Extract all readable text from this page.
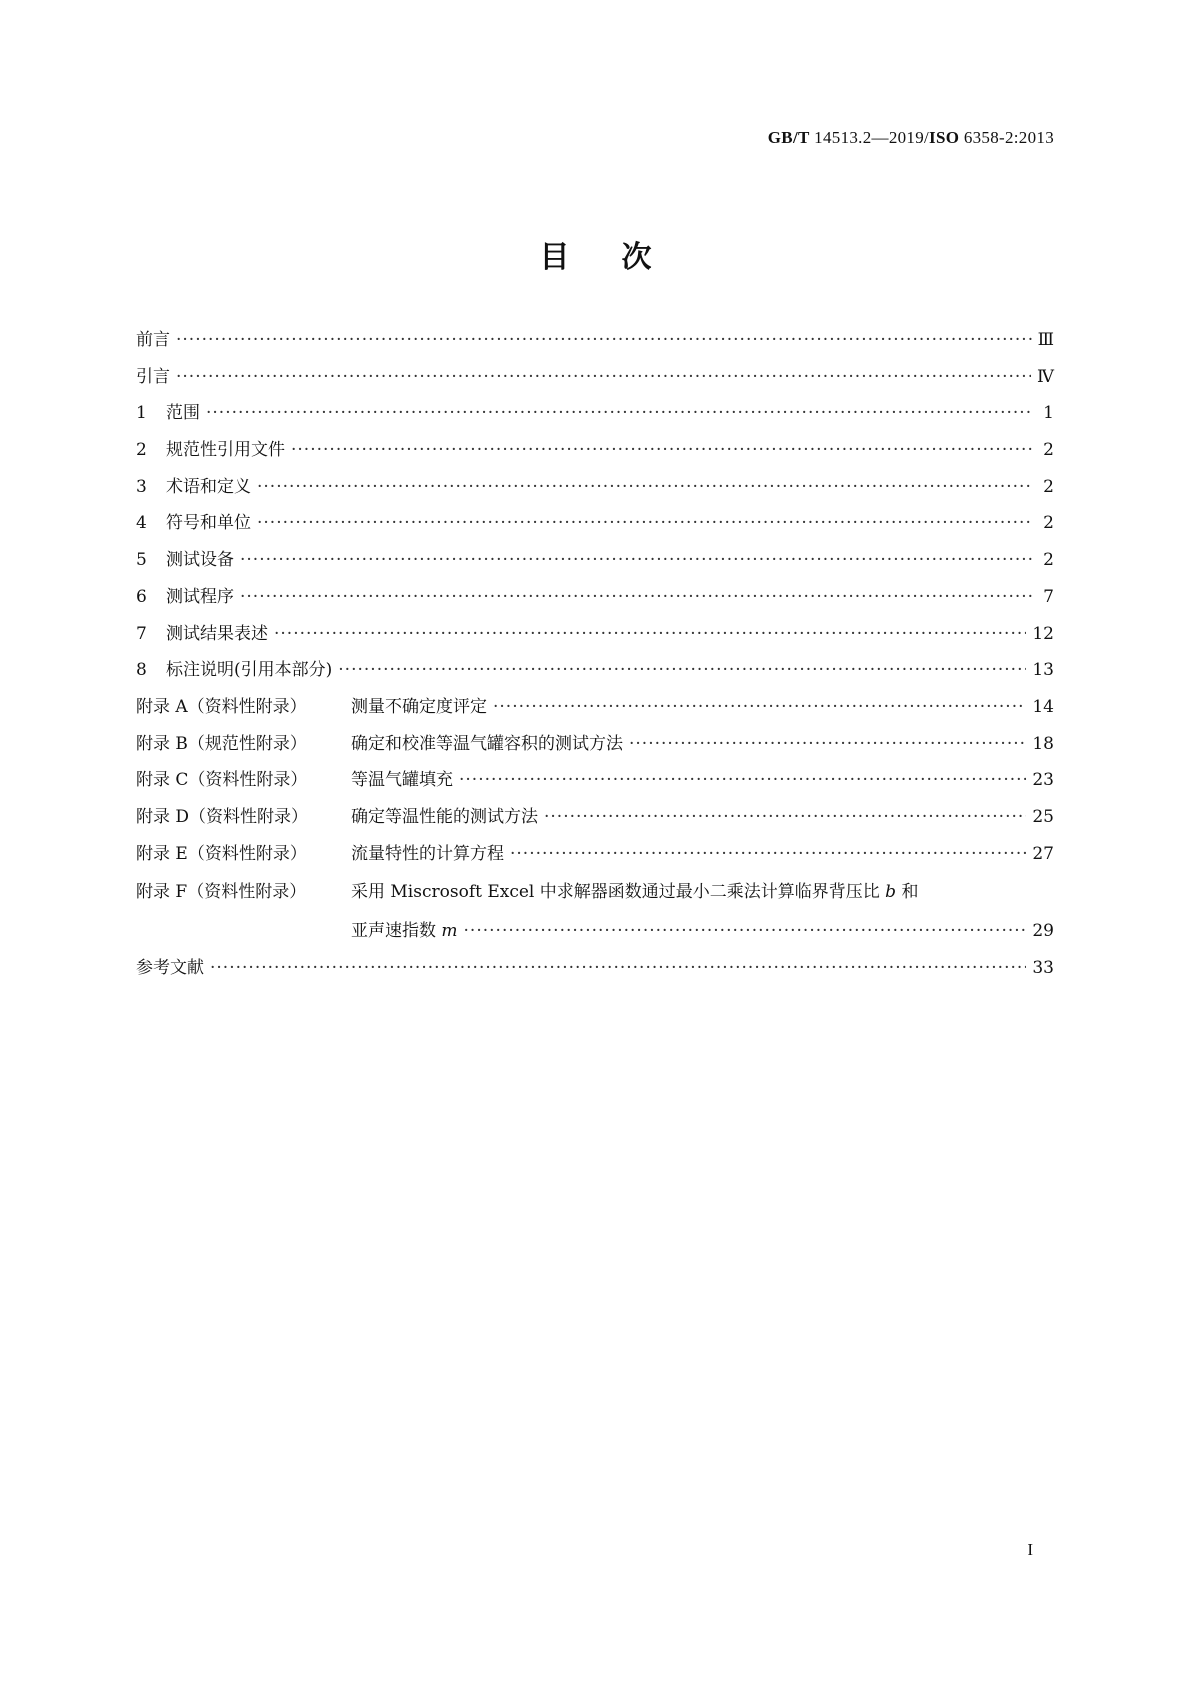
GB/T 14513.2—2019/ISO 6358-2:2013
目次
前言 ·····	Ⅲ
引言 ·····	Ⅳ
1	范围 ·····	1
2	规范性引用文件 ·····	2
3	术语和定义 ·····	2
4	符号和单位 ·····	2
5	测试设备 ·····	2
6	测试程序 ·····	7
7	测试结果表述 ·····	12
8	标注说明(引用本部分) ·····	13
附录 A（资料性附录）	测量不确定度评定 ·····	14
附录 B（规范性附录）	确定和校准等温气罐容积的测试方法 ·····	18
附录 C（资料性附录）	等温气罐填充 ·····	23
附录 D（资料性附录）	确定等温性能的测试方法 ·····	25
附录 E（资料性附录）	流量特性的计算方程 ·····	27
附录 F（资料性附录）	采用 Miscrosoft Excel 中求解器函数通过最小二乘法计算临界背压比 b 和
亚声速指数 m ·····	29
参考文献 ·····	33
I
